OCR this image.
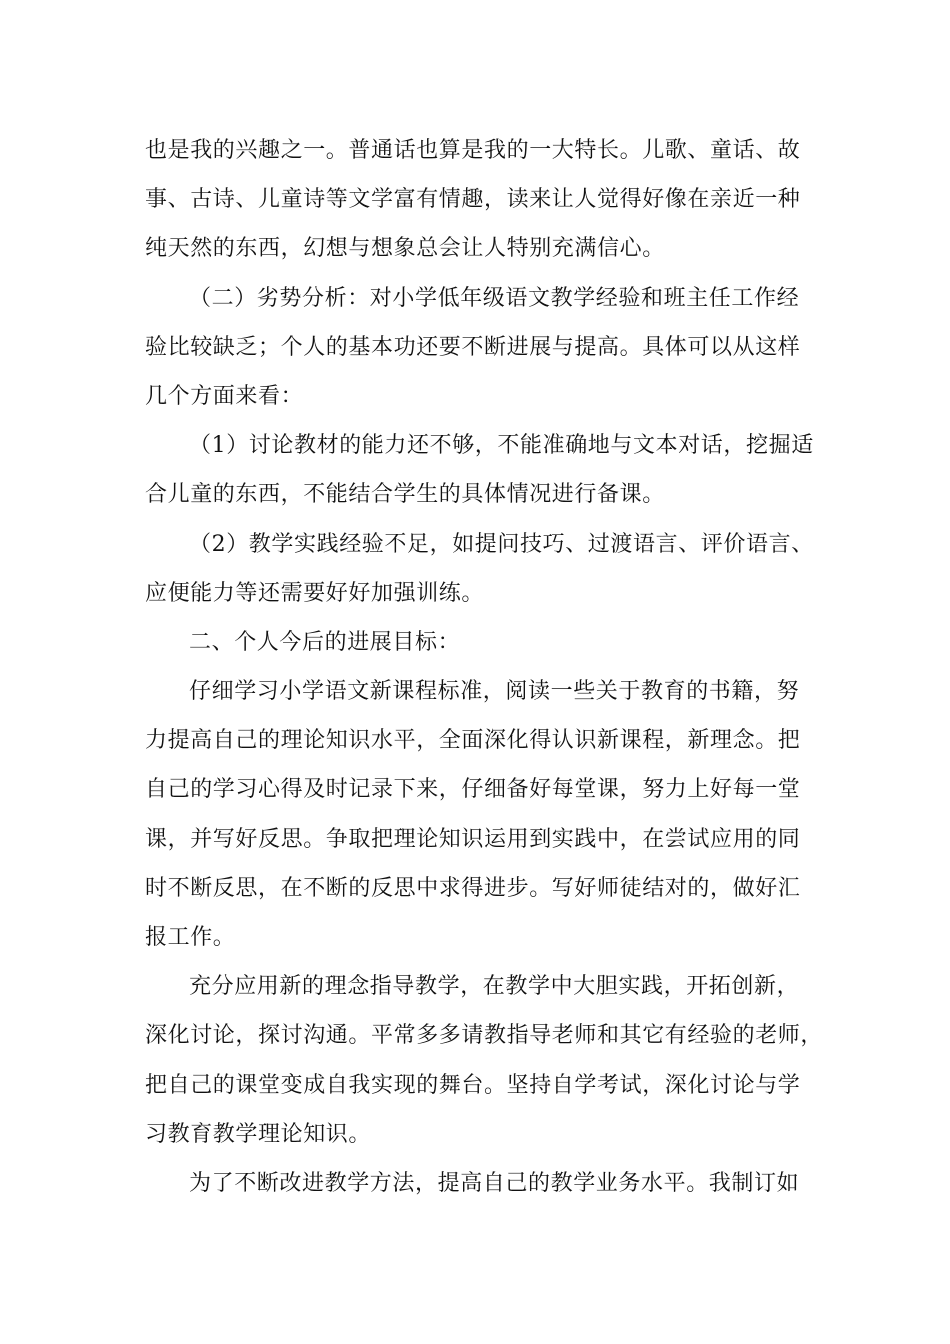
也是我的兴趣之一。普通话也算是我的一大特长。儿歌、童话、故
事、古诗、儿童诗等文学富有情趣，读来让人觉得好像在亲近一种
纯天然的东西，幻想与想象总会让人特别充满信心。
（二）劣势分析：对小学低年级语文教学经验和班主任工作经
验比较缺乏；个人的基本功还要不断进展与提高。具体可以从这样
几个方面来看：
（1）讨论教材的能力还不够，不能准确地与文本对话，挖掘适
合儿童的东西，不能结合学生的具体情况进行备课。
（2）教学实践经验不足，如提问技巧、过渡语言、评价语言、
应便能力等还需要好好加强训练。
二、个人今后的进展目标：
仔细学习小学语文新课程标准，阅读一些关于教育的书籍，努
力提高自己的理论知识水平，全面深化得认识新课程，新理念。把
自己的学习心得及时记录下来，仔细备好每堂课，努力上好每一堂
课，并写好反思。争取把理论知识运用到实践中，在尝试应用的同
时不断反思，在不断的反思中求得进步。写好师徒结对的，做好汇
报工作。
充分应用新的理念指导教学，在教学中大胆实践，开拓创新，
深化讨论，探讨沟通。平常多多请教指导老师和其它有经验的老师，
把自己的课堂变成自我实现的舞台。坚持自学考试，深化讨论与学
习教育教学理论知识。
为了不断改进教学方法，提高自己的教学业务水平。我制订如
